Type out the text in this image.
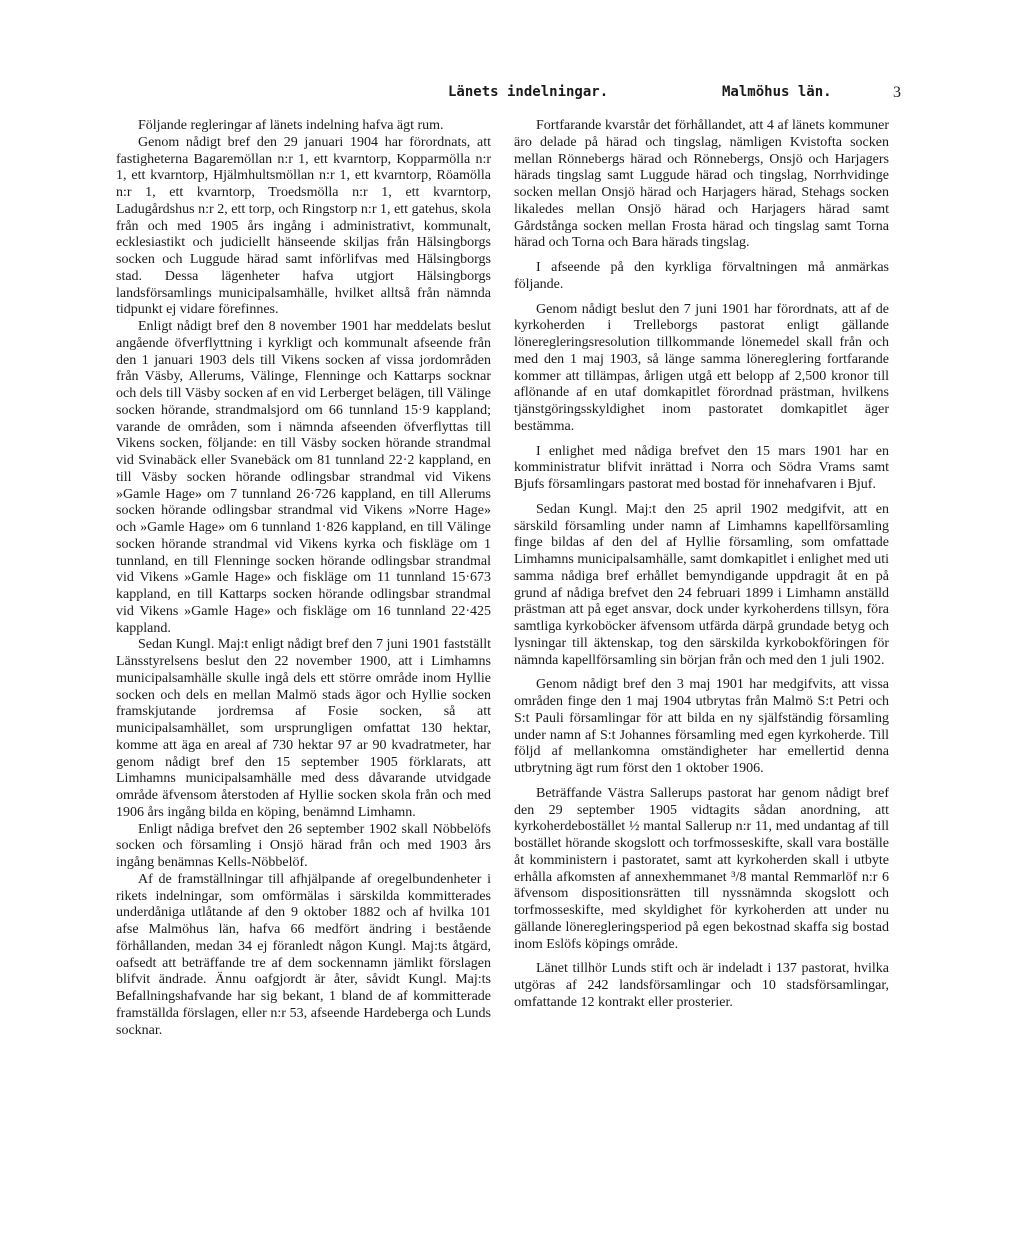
Länets indelningar.	Malmöhus län.	3

Följande regleringar af länets indelning hafva ägt rum.

Genom nådigt bref den 29 januari 1904 har förordnats, att fastigheterna Bagaremöllan n:r 1, ett kvarntorp, Kopparmölla n:r 1, ett kvarntorp, Hjälmhultsmöllan n:r 1, ett kvarntorp, Röamölla n:r 1, ett kvarntorp, Troedsmölla n:r 1, ett kvarntorp, Ladugårdshus n:r 2, ett torp, och Ringstorp n:r 1, ett gatehus, skola från och med 1905 års ingång i administrativt, kommunalt, ecklesiastikt och judiciellt hänseende skiljas från Hälsingborgs socken och Luggude härad samt införlifvas med Hälsingborgs stad. Dessa lägenheter hafva utgjort Hälsingborgs landsförsamlings municipalsamhälle, hvilket alltså från nämnda tidpunkt ej vidare förefinnes.

Enligt nådigt bref den 8 november 1901 har meddelats beslut angående öfverflyttning i kyrkligt och kommunalt afseende från den 1 januari 1903 dels till Vikens socken af vissa jordområden från Väsby, Allerums, Välinge, Flenninge och Kattarps socknar och dels till Väsby socken af en vid Lerberget belägen, till Välinge socken hörande, strandmalsjord om 66 tunnland 15·9 kappland; varande de områden, som i nämnda afseenden öfverflyttas till Vikens socken, följande: en till Väsby socken hörande strandmal vid Svinabäck eller Svanebäck om 81 tunnland 22·2 kappland, en till Väsby socken hörande odlingsbar strandmal vid Vikens »Gamle Hage» om 7 tunnland 26·726 kappland, en till Allerums socken hörande odlingsbar strandmal vid Vikens »Norre Hage» och »Gamle Hage» om 6 tunnland 1·826 kappland, en till Välinge socken hörande strandmal vid Vikens kyrka och fiskläge om 1 tunnland, en till Flenninge socken hörande odlingsbar strandmal vid Vikens »Gamle Hage» och fiskläge om 11 tunnland 15·673 kappland, en till Kattarps socken hörande odlingsbar strandmal vid Vikens »Gamle Hage» och fiskläge om 16 tunnland 22·425 kappland.

Sedan Kungl. Maj:t enligt nådigt bref den 7 juni 1901 fastställt Länsstyrelsens beslut den 22 november 1900, att i Limhamns municipalsamhälle skulle ingå dels ett större område inom Hyllie socken och dels en mellan Malmö stads ägor och Hyllie socken framskjutande jordremsa af Fosie socken, så att municipalsamhället, som ursprungligen omfattat 130 hektar, komme att äga en areal af 730 hektar 97 ar 90 kvadratmeter, har genom nådigt bref den 15 september 1905 förklarats, att Limhamns municipalsamhälle med dess dåvarande utvidgade område äfvensom återstoden af Hyllie socken skola från och med 1906 års ingång bilda en köping, benämnd Limhamn.

Enligt nådiga brefvet den 26 september 1902 skall Nöbbelöfs socken och församling i Onsjö härad från och med 1903 års ingång benämnas Kells-Nöbbelöf.

Af de framställningar till afhjälpande af oregelbundenheter i rikets indelningar, som omförmälas i särskilda kommitterades underdåniga utlåtande af den 9 oktober 1882 och af hvilka 101 afse Malmöhus län, hafva 66 medfört ändring i bestående förhållanden, medan 34 ej föranledt någon Kungl. Maj:ts åtgärd, oafsedt att beträffande tre af dem sockennamn jämlikt förslagen blifvit ändrade. Ännu oafgjordt är åter, såvidt Kungl. Maj:ts Befallningshafvande har sig bekant, 1 bland de af kommitterade framställda förslagen, eller n:r 53, afseende Hardeberga och Lunds socknar.

Fortfarande kvarstår det förhållandet, att 4 af länets kommuner äro delade på härad och tingslag, nämligen Kvistofta socken mellan Rönnebergs härad och Rönnebergs, Onsjö och Harjagers härads tingslag samt Luggude härad och tingslag, Norrhvidinge socken mellan Onsjö härad och Harjagers härad, Stehags socken likaledes mellan Onsjö härad och Harjagers härad samt Gårdstånga socken mellan Frosta härad och tingslag samt Torna härad och Torna och Bara härads tingslag.

I afseende på den kyrkliga förvaltningen må anmärkas följande.

Genom nådigt beslut den 7 juni 1901 har förordnats, att af de kyrkoherden i Trelleborgs pastorat enligt gällande löneregleringsresolution tillkommande lönemedel skall från och med den 1 maj 1903, så länge samma lönereglering fortfarande kommer att tillämpas, årligen utgå ett belopp af 2,500 kronor till aflönande af en utaf domkapitlet förordnad prästman, hvilkens tjänstgöringsskyldighet inom pastoratet domkapitlet äger bestämma.

I enlighet med nådiga brefvet den 15 mars 1901 har en komministratur blifvit inrättad i Norra och Södra Vrams samt Bjufs församlingars pastorat med bostad för innehafvaren i Bjuf.

Sedan Kungl. Maj:t den 25 april 1902 medgifvit, att en särskild församling under namn af Limhamns kapellförsamling finge bildas af den del af Hyllie församling, som omfattade Limhamns municipalsamhälle, samt domkapitlet i enlighet med uti samma nådiga bref erhållet bemyndigande uppdragit åt en på grund af nådiga brefvet den 24 februari 1899 i Limhamn anställd prästman att på eget ansvar, dock under kyrkoherdens tillsyn, föra samtliga kyrkoböcker äfvensom utfärda därpå grundade betyg och lysningar till äktenskap, tog den särskilda kyrkobokföringen för nämnda kapellförsamling sin början från och med den 1 juli 1902.

Genom nådigt bref den 3 maj 1901 har medgifvits, att vissa områden finge den 1 maj 1904 utbrytas från Malmö S:t Petri och S:t Pauli församlingar för att bilda en ny själfständig församling under namn af S:t Johannes församling med egen kyrkoherde. Till följd af mellankomna omständigheter har emellertid denna utbrytning ägt rum först den 1 oktober 1906.

Beträffande Västra Sallerups pastorat har genom nådigt bref den 29 september 1905 vidtagits sådan anordning, att kyrkoherdebostället ½ mantal Sallerup n:r 11, med undantag af till bostället hörande skogslott och torfmosseskifte, skall vara boställe åt komministern i pastoratet, samt att kyrkoherden skall i utbyte erhålla afkomsten af annexhemmanet ³/8 mantal Remmarlöf n:r 6 äfvensom dispositionsrätten till nyssnämnda skogslott och torfmosseskifte, med skyldighet för kyrkoherden att under nu gällande löneregleringsperiod på egen bekostnad skaffa sig bostad inom Eslöfs köpings område.

Länet tillhör Lunds stift och är indeladt i 137 pastorat, hvilka utgöras af 242 landsförsamlingar och 10 stadsförsamlingar, omfattande 12 kontrakt eller prosterier.
